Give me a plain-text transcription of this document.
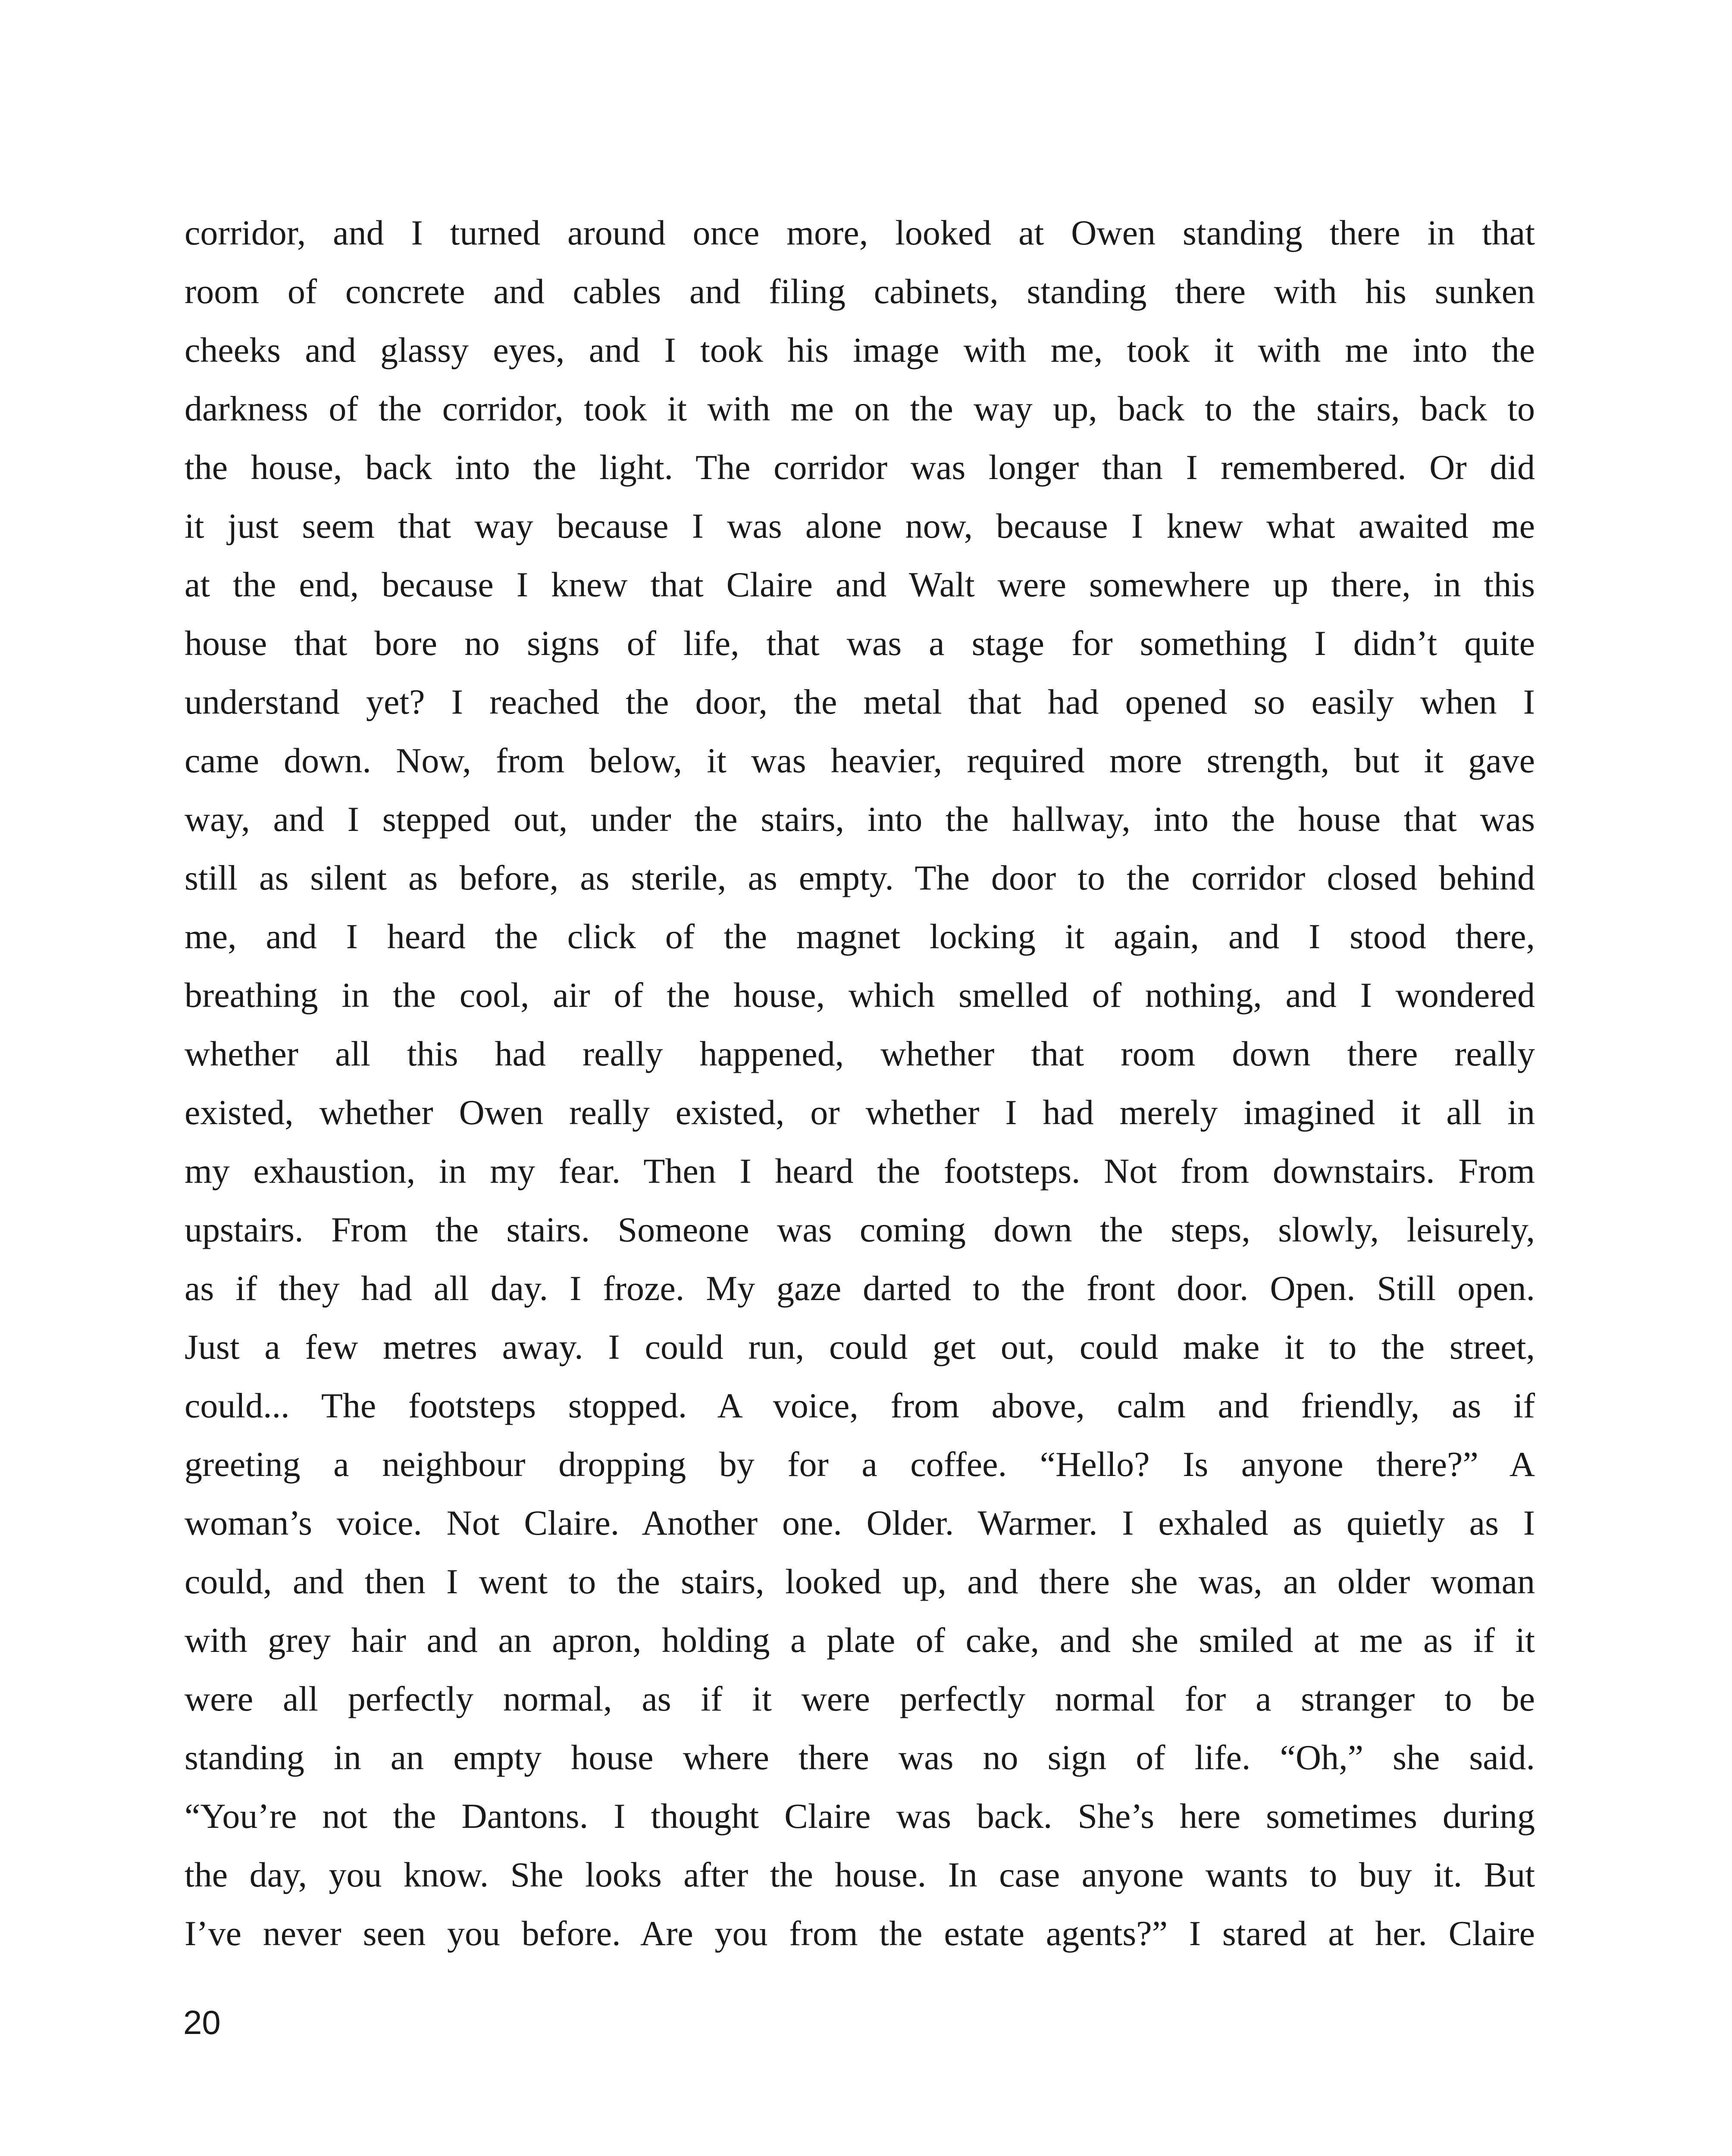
corridor, and I turned around once more, looked at Owen standing there in that
room of concrete and cables and filing cabinets, standing there with his sunken
cheeks and glassy eyes, and I took his image with me, took it with me into the
darkness of the corridor, took it with me on the way up, back to the stairs, back to
the house, back into the light. The corridor was longer than I remembered. Or did
it just seem that way because I was alone now, because I knew what awaited me
at the end, because I knew that Claire and Walt were somewhere up there, in this
house that bore no signs of life, that was a stage for something I didn’t quite
understand yet? I reached the door, the metal that had opened so easily when I
came down. Now, from below, it was heavier, required more strength, but it gave
way, and I stepped out, under the stairs, into the hallway, into the house that was
still as silent as before, as sterile, as empty. The door to the corridor closed behind
me, and I heard the click of the magnet locking it again, and I stood there,
breathing in the cool, air of the house, which smelled of nothing, and I wondered
whether all this had really happened, whether that room down there really
existed, whether Owen really existed, or whether I had merely imagined it all in
my exhaustion, in my fear. Then I heard the footsteps. Not from downstairs. From
upstairs. From the stairs. Someone was coming down the steps, slowly, leisurely,
as if they had all day. I froze. My gaze darted to the front door. Open. Still open.
Just a few metres away. I could run, could get out, could make it to the street,
could... The footsteps stopped. A voice, from above, calm and friendly, as if
greeting a neighbour dropping by for a coffee. “Hello? Is anyone there?” A
woman’s voice. Not Claire. Another one. Older. Warmer. I exhaled as quietly as I
could, and then I went to the stairs, looked up, and there she was, an older woman
with grey hair and an apron, holding a plate of cake, and she smiled at me as if it
were all perfectly normal, as if it were perfectly normal for a stranger to be
standing in an empty house where there was no sign of life. “Oh,” she said.
“You’re not the Dantons. I thought Claire was back. She’s here sometimes during
the day, you know. She looks after the house. In case anyone wants to buy it. But
I’ve never seen you before. Are you from the estate agents?” I stared at her. Claire
20
